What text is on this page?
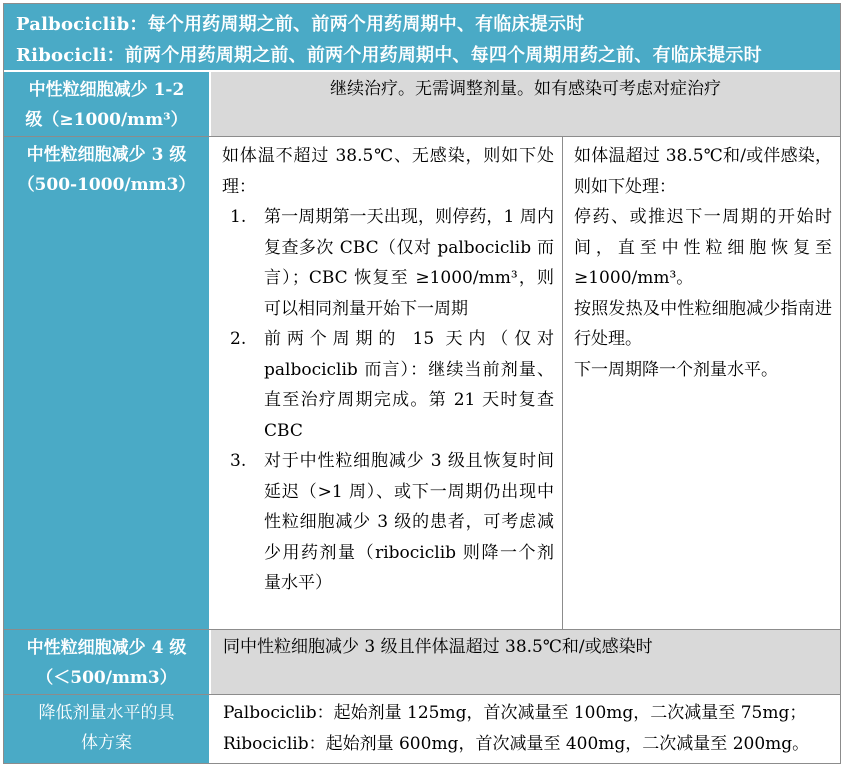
Palbociclib：每个用药周期之前、前两个用药周期中、有临床提示时
Ribocicli：前两个用药周期之前、前两个用药周期中、每四个周期用药之前、有临床提示时
中性粒细胞减少 1-2
级（≥1000/mm³）
继续治疗。无需调整剂量。如有感染可考虑对症治疗
中性粒细胞减少 3 级
（500-1000/mm3）
如体温不超过 38.5℃、无感染，则如下处理：
1. 第一周期第一天出现，则停药，1 周内复查多次 CBC（仅对 palbociclib 而言）；CBC 恢复至 ≥1000/mm³，则可以相同剂量开始下一周期
2. 前两个周期的 15 天内（仅对 palbociclib 而言）：继续当前剂量、直至治疗周期完成。第 21 天时复查 CBC
3. 对于中性粒细胞减少 3 级且恢复时间延迟（>1 周）、或下一周期仍出现中性粒细胞减少 3 级的患者，可考虑减少用药剂量（ribociclib 则降一个剂量水平）
如体温超过 38.5℃和/或伴感染，则如下处理：
停药、或推迟下一周期的开始时间，直至中性粒细胞恢复至≥1000/mm³。
按照发热及中性粒细胞减少指南进行处理。
下一周期降一个剂量水平。
中性粒细胞减少 4 级
（＜500/mm3）
同中性粒细胞减少 3 级且伴体温超过 38.5℃和/或感染时
降低剂量水平的具
体方案
Palbociclib：起始剂量 125mg，首次减量至 100mg，二次减量至 75mg；
Ribociclib：起始剂量 600mg，首次减量至 400mg，二次减量至 200mg。
